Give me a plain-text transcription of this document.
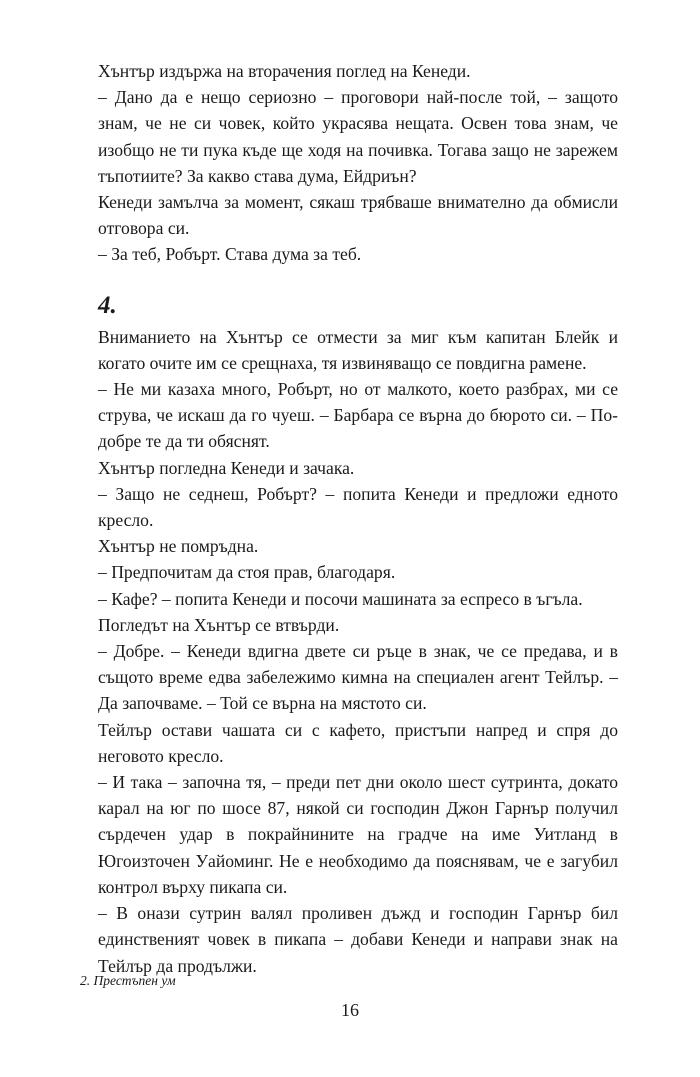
Хънтър издържа на вторачения поглед на Кенеди.

– Дано да е нещо сериозно – проговори най-после той, – защото знам, че не си човек, който украсява нещата. Освен това знам, че изобщо не ти пука къде ще ходя на почивка. Тогава защо не зарежем тъпотиите? За какво става дума, Ейдриън?

Кенеди замълча за момент, сякаш трябваше внимателно да обмисли отговора си.

– За теб, Робърт. Става дума за теб.

4.

Вниманието на Хънтър се отмести за миг към капитан Блейк и когато очите им се срещнаха, тя извиняващо се повдигна рамене.

– Не ми казаха много, Робърт, но от малкото, което разбрах, ми се струва, че искаш да го чуеш. – Барбара се върна до бюрото си. – По-добре те да ти обяснят.

Хънтър погледна Кенеди и зачака.

– Защо не седнеш, Робърт? – попита Кенеди и предложи едното кресло.

Хънтър не помръдна.

– Предпочитам да стоя прав, благодаря.

– Кафе? – попита Кенеди и посочи машината за еспресо в ъгъла.

Погледът на Хънтър се втвърди.

– Добре. – Кенеди вдигна двете си ръце в знак, че се предава, и в същото време едва забележимо кимна на специален агент Тейлър. – Да започваме. – Той се върна на мястото си.

Тейлър остави чашата си с кафето, пристъпи напред и спря до неговото кресло.

– И така – започна тя, – преди пет дни около шест сутринта, докато карал на юг по шосе 87, някой си господин Джон Гарнър получил сърдечен удар в покрайнините на градче на име Уитланд в Югоизточен Уайоминг. Не е необходимо да пояснявам, че е загубил контрол върху пикапа си.

– В онази сутрин валял проливен дъжд и господин Гарнър бил единственият човек в пикапа – добави Кенеди и направи знак на Тейлър да продължи.

2. Престъпен ум
16
